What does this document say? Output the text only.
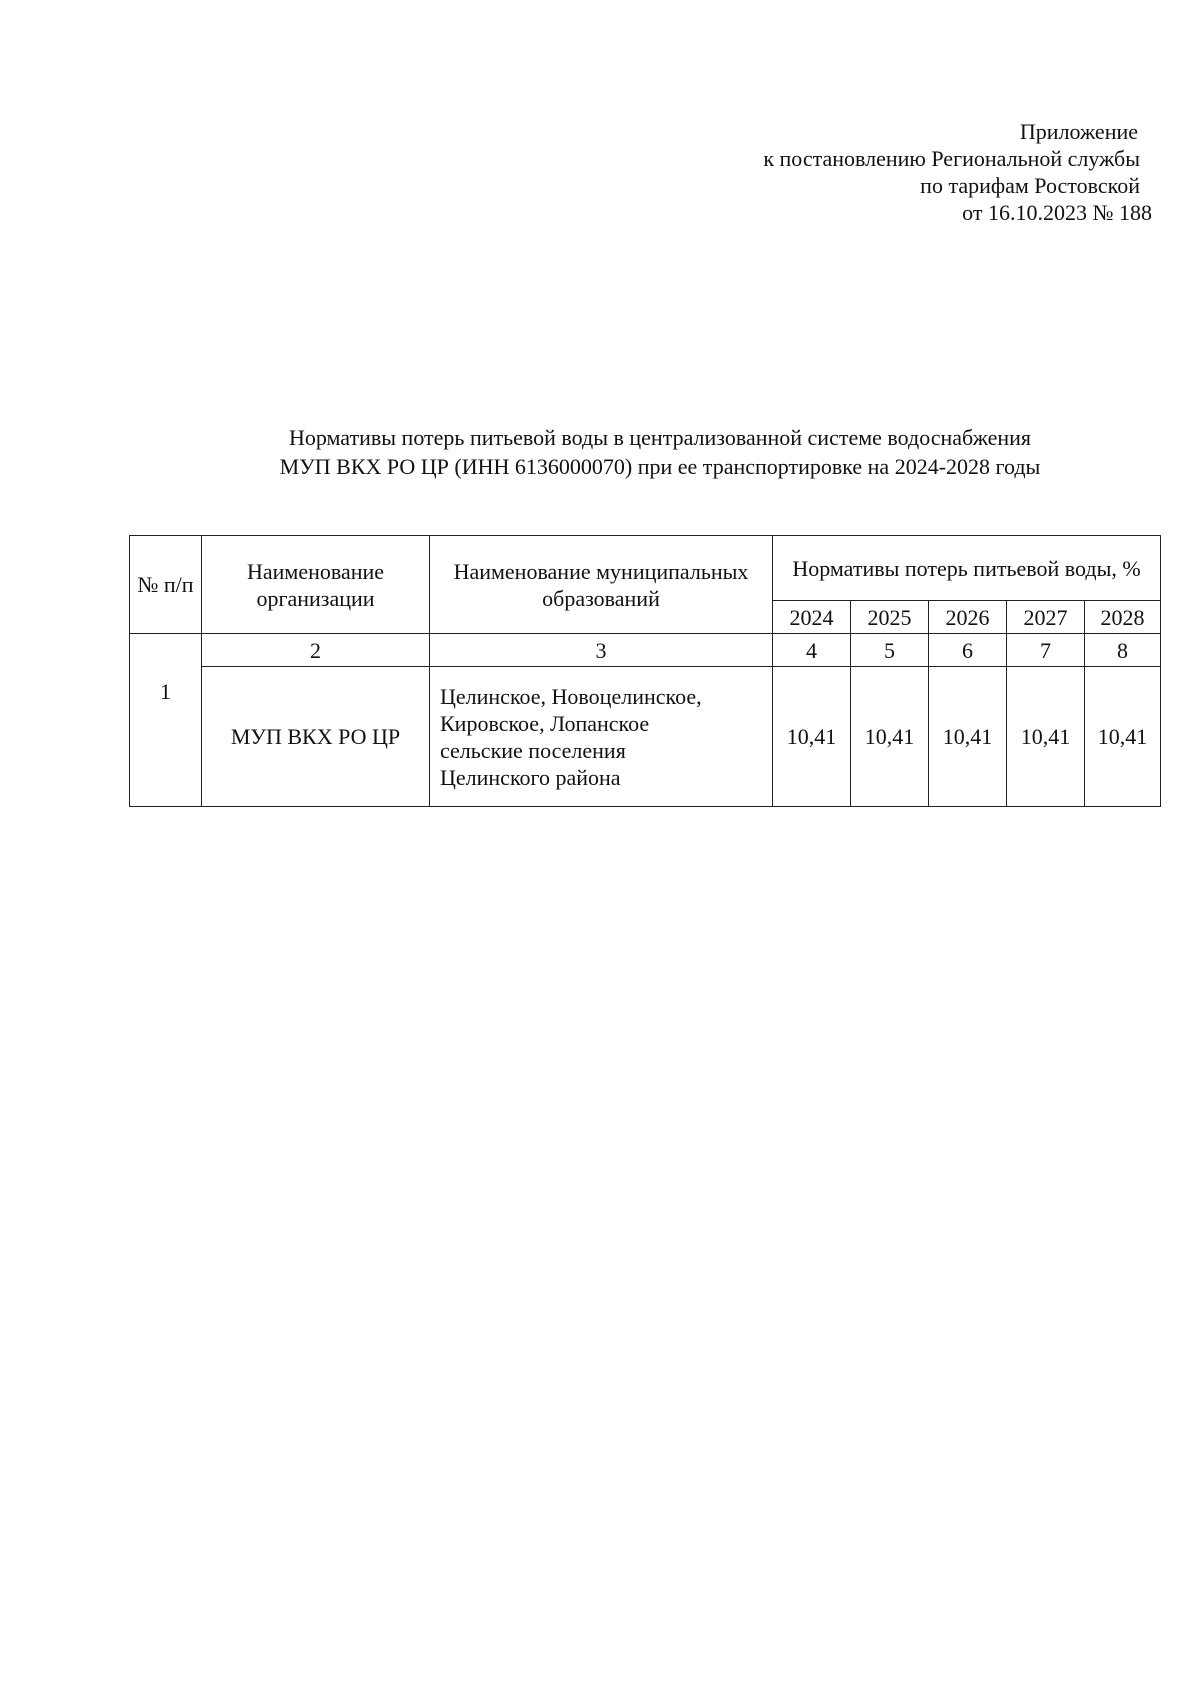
Приложение
к постановлению Региональной службы
по тарифам Ростовской
от 16.10.2023 № 188
Нормативы потерь питьевой воды в централизованной системе водоснабжения
МУП ВКХ РО ЦР (ИНН 6136000070) при ее транспортировке на 2024-2028 годы
№ п/п	Наименование организации	Наименование муниципальных образований	Нормативы потерь питьевой воды, %				
			2024	2025	2026	2027	2028
1	2	3	4	5	6	7	8
	МУП ВКХ РО ЦР	Целинское, Новоцелинское,
Кировское, Лопанское
сельские поселения
Целинского района	10,41	10,41	10,41	10,41	10,41
